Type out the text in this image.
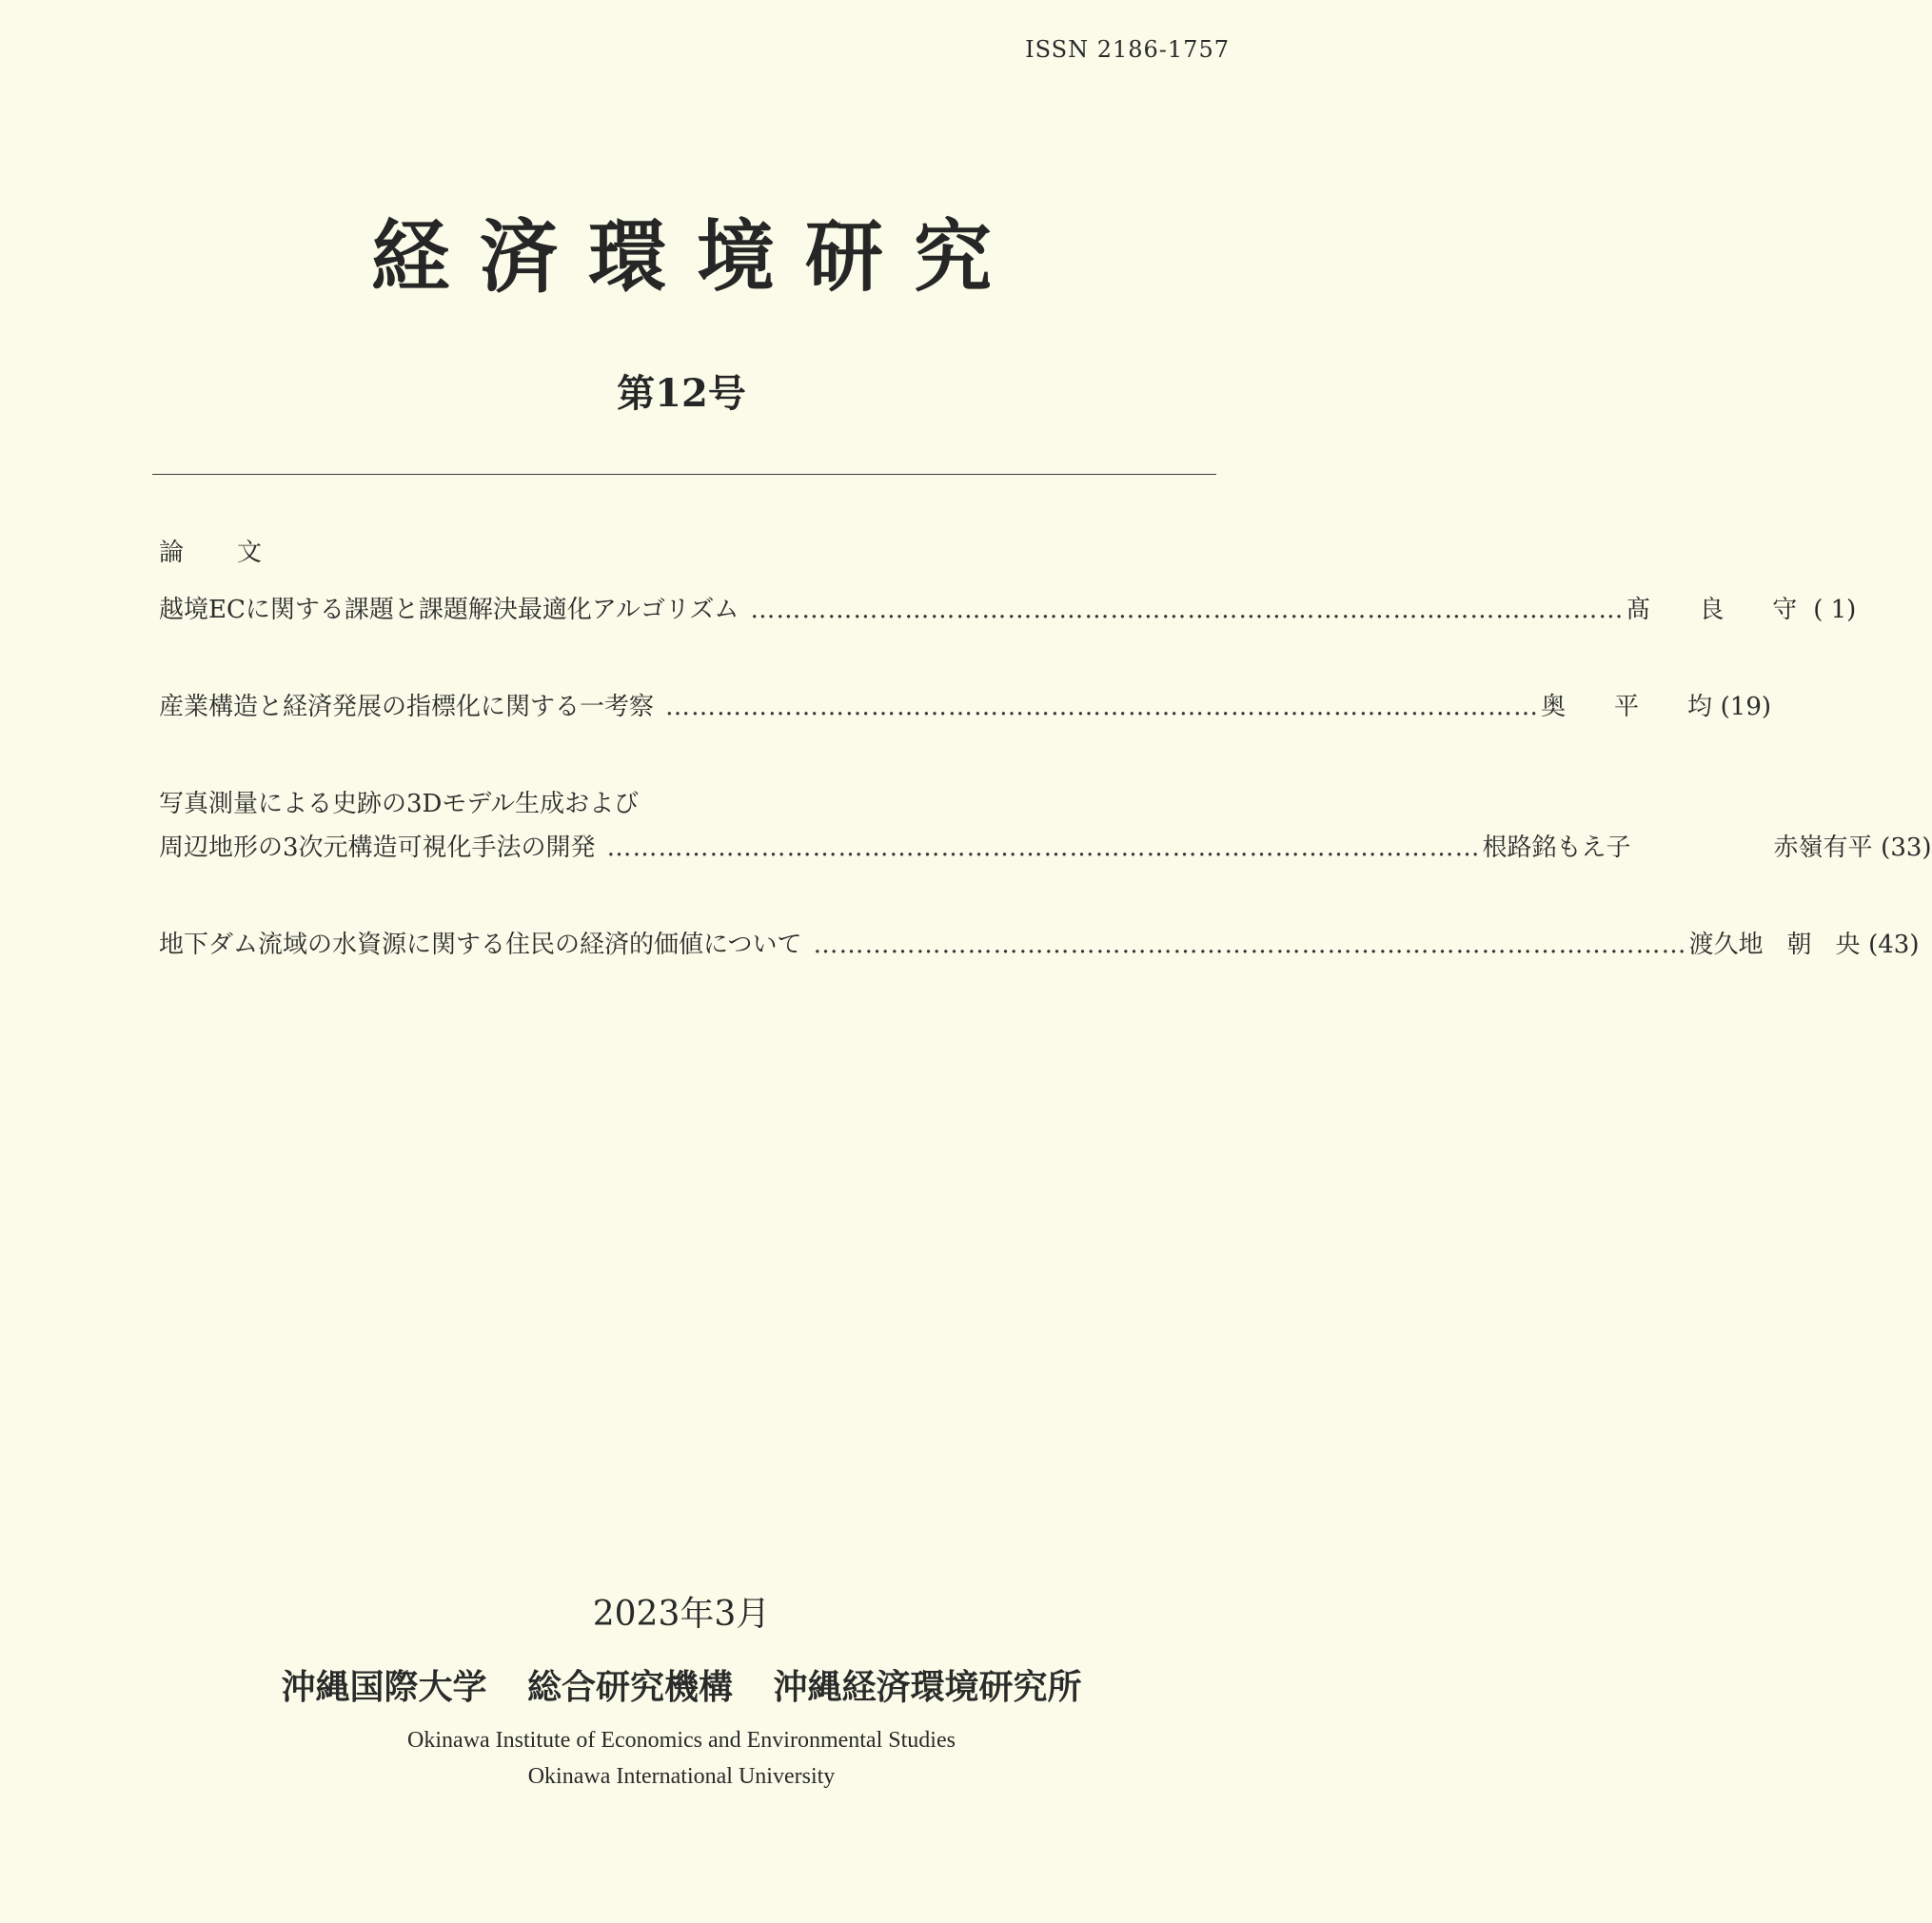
ISSN 2186-1757
経済環境研究
第12号
論文
越境ECに関する課題と課題解決最適化アルゴリズム ………………………………………………………………………………………… 髙 良 守 ( 1)
産業構造と経済発展の指標化に関する一考察 ………………………………………………………………………………………… 奥 平 均 (19)
写真測量による史跡の3Dモデル生成および
周辺地形の3次元構造可視化手法の開発 ………………………………………………………………………………………… 根路銘もえ子	赤嶺有平 (33)
地下ダム流域の水資源に関する住民の経済的価値について ………………………………………………………………………………………… 渡久地 朝 央 (43)
2023年3月
沖縄国際大学 総合研究機構 沖縄経済環境研究所
Okinawa Institute of Economics and Environmental Studies
Okinawa International University
